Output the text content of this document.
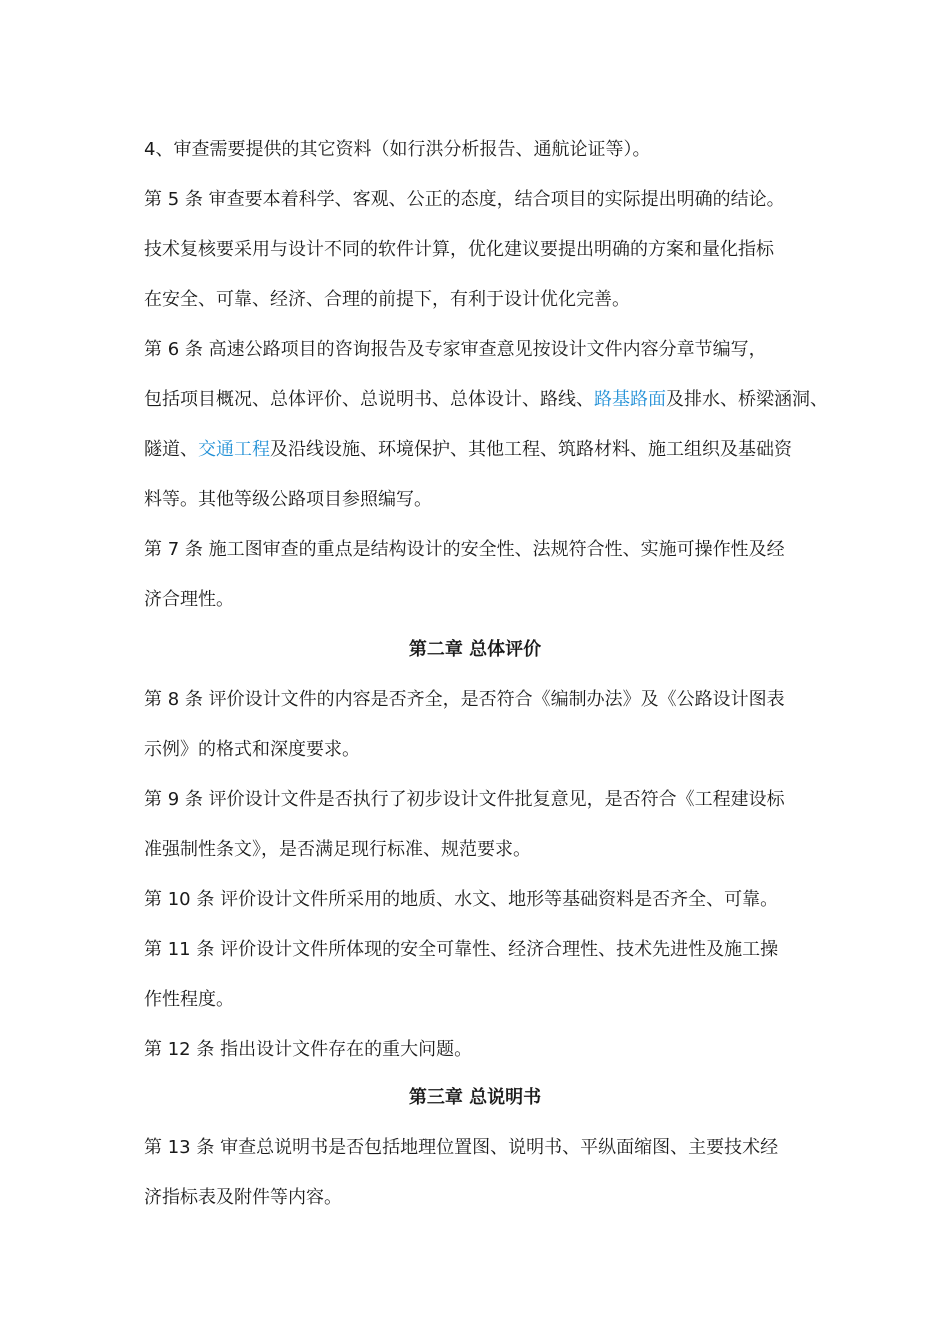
4、审查需要提供的其它资料（如行洪分析报告、通航论证等）。
第 5 条 审查要本着科学、客观、公正的态度，结合项目的实际提出明确的结论。
技术复核要采用与设计不同的软件计算，优化建议要提出明确的方案和量化指标
在安全、可靠、经济、合理的前提下，有利于设计优化完善。
第 6 条 高速公路项目的咨询报告及专家审查意见按设计文件内容分章节编写，
包括项目概况、总体评价、总说明书、总体设计、路线、路基路面及排水、桥梁涵洞、
隧道、交通工程及沿线设施、环境保护、其他工程、筑路材料、施工组织及基础资
料等。其他等级公路项目参照编写。
第 7 条 施工图审查的重点是结构设计的安全性、法规符合性、实施可操作性及经
济合理性。
第二章 总体评价
第 8 条 评价设计文件的内容是否齐全，是否符合《编制办法》及《公路设计图表
示例》的格式和深度要求。
第 9 条 评价设计文件是否执行了初步设计文件批复意见，是否符合《工程建设标
准强制性条文》，是否满足现行标准、规范要求。
第 10 条 评价设计文件所采用的地质、水文、地形等基础资料是否齐全、可靠。
第 11 条 评价设计文件所体现的安全可靠性、经济合理性、技术先进性及施工操
作性程度。
第 12 条 指出设计文件存在的重大问题。
第三章 总说明书
第 13 条 审查总说明书是否包括地理位置图、说明书、平纵面缩图、主要技术经
济指标表及附件等内容。
